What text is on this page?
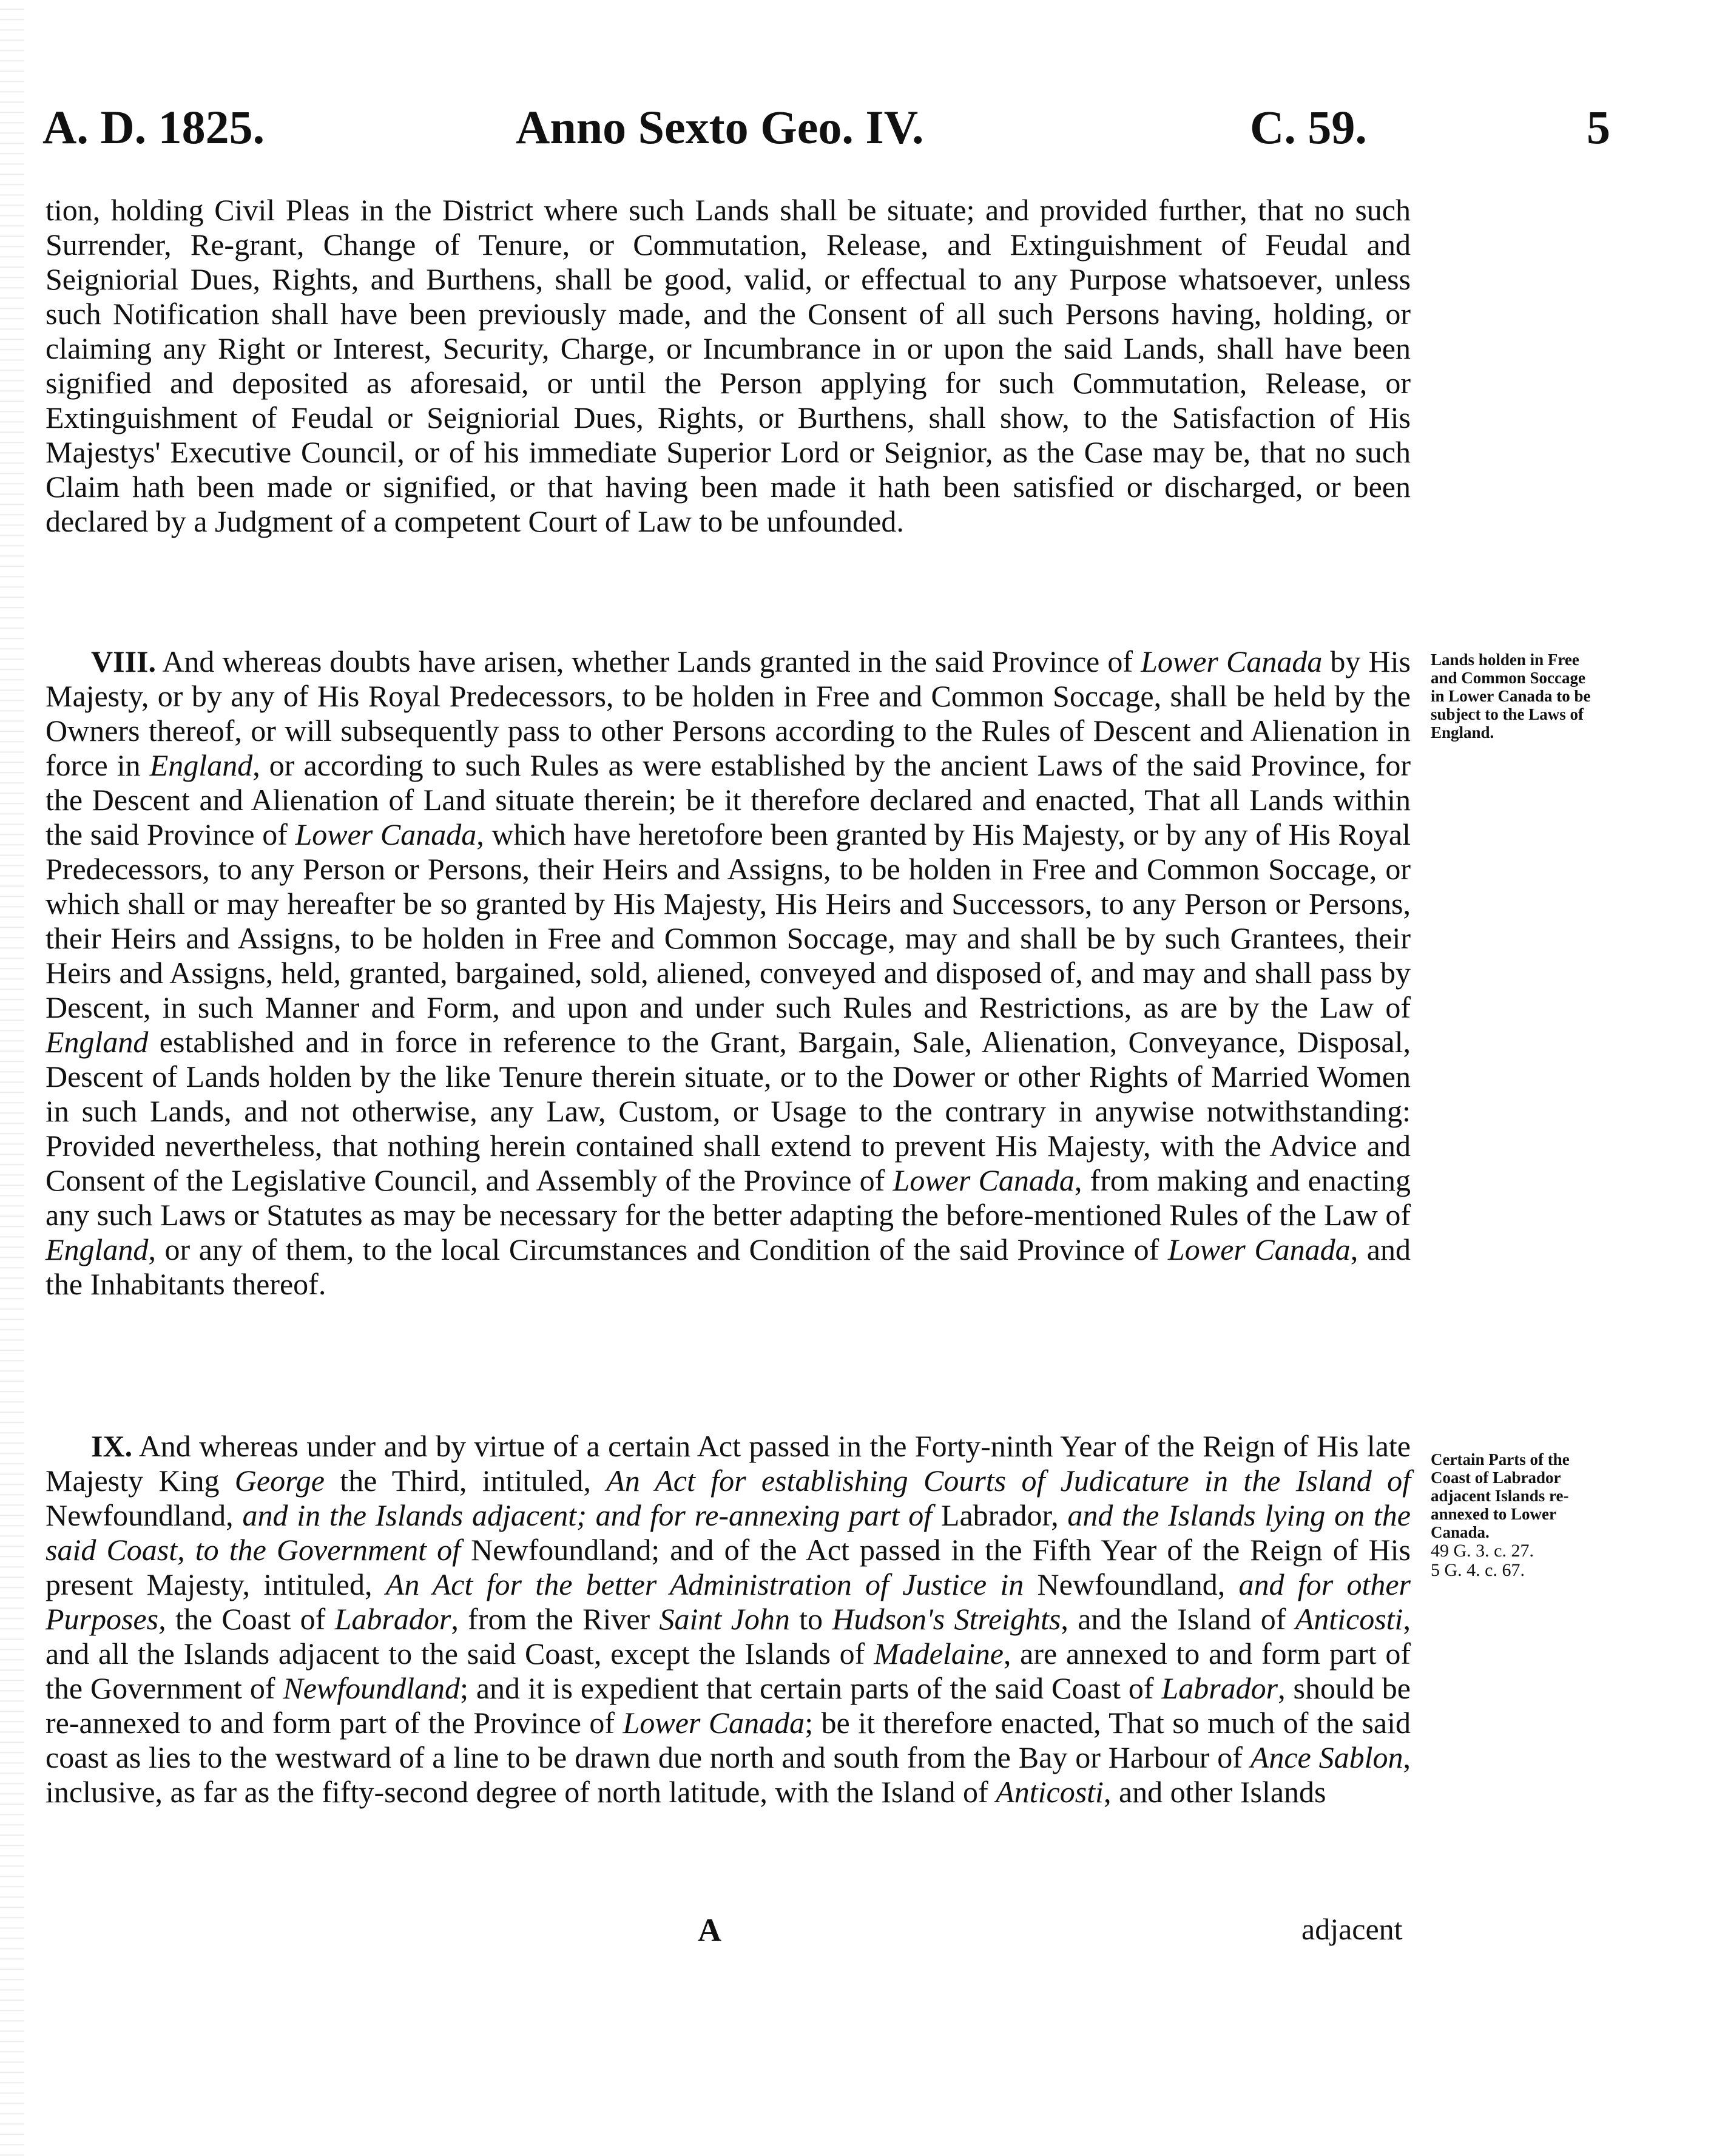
A. D. 1825.	Anno Sexto Geo. IV.	C. 59.	5

tion, holding Civil Pleas in the District where such Lands shall be situate; and provided further, that no such Surrender, Re-grant, Change of Tenure, or Commutation, Release, and Extinguishment of Feudal and Seigniorial Dues, Rights, and Burthens, shall be good, valid, or effectual to any Purpose whatsoever, unless such Notification shall have been previously made, and the Consent of all such Persons having, holding, or claiming any Right or Interest, Security, Charge, or Incumbrance in or upon the said Lands, shall have been signified and deposited as aforesaid, or until the Person applying for such Commutation, Release, or Extinguishment of Feudal or Seigniorial Dues, Rights, or Burthens, shall show, to the Satisfaction of His Majestys' Executive Council, or of his immediate Superior Lord or Seignior, as the Case may be, that no such Claim hath been made or signified, or that having been made it hath been satisfied or discharged, or been declared by a Judgment of a competent Court of Law to be unfounded.

VIII. And whereas doubts have arisen, whether Lands granted in the said Province of Lower Canada by His Majesty, or by any of His Royal Predecessors, to be holden in Free and Common Soccage, shall be held by the Owners thereof, or will subsequently pass to other Persons according to the Rules of Descent and Alienation in force in England, or according to such Rules as were established by the ancient Laws of the said Province, for the Descent and Alienation of Land situate therein; be it therefore declared and enacted, That all Lands within the said Province of Lower Canada, which have heretofore been granted by His Majesty, or by any of His Royal Predecessors, to any Person or Persons, their Heirs and Assigns, to be holden in Free and Common Soccage, or which shall or may hereafter be so granted by His Majesty, His Heirs and Successors, to any Person or Persons, their Heirs and Assigns, to be holden in Free and Common Soccage, may and shall be by such Grantees, their Heirs and Assigns, held, granted, bargained, sold, aliened, conveyed and disposed of, and may and shall pass by Descent, in such Manner and Form, and upon and under such Rules and Restrictions, as are by the Law of England established and in force in reference to the Grant, Bargain, Sale, Alienation, Conveyance, Disposal, Descent of Lands holden by the like Tenure therein situate, or to the Dower or other Rights of Married Women in such Lands, and not otherwise, any Law, Custom, or Usage to the contrary in anywise notwithstanding: Provided nevertheless, that nothing herein contained shall extend to prevent His Majesty, with the Advice and Consent of the Legislative Council, and Assembly of the Province of Lower Canada, from making and enacting any such Laws or Statutes as may be necessary for the better adapting the before-mentioned Rules of the Law of England, or any of them, to the local Circumstances and Condition of the said Province of Lower Canada, and the Inhabitants thereof.

Lands holden in Free and Common Soccage in Lower Canada to be subject to the Laws of England.

IX. And whereas under and by virtue of a certain Act passed in the Forty-ninth Year of the Reign of His late Majesty King George the Third, intituled, An Act for establishing Courts of Judicature in the Island of Newfoundland, and in the Islands adjacent; and for re-annexing part of Labrador, and the Islands lying on the said Coast, to the Government of Newfoundland; and of the Act passed in the Fifth Year of the Reign of His present Majesty, intituled, An Act for the better Administration of Justice in Newfoundland, and for other Purposes, the Coast of Labrador, from the River Saint John to Hudson's Streights, and the Island of Anticosti, and all the Islands adjacent to the said Coast, except the Islands of Madelaine, are annexed to and form part of the Government of Newfoundland; and it is expedient that certain parts of the said Coast of Labrador, should be re-annexed to and form part of the Province of Lower Canada; be it therefore enacted, That so much of the said coast as lies to the westward of a line to be drawn due north and south from the Bay or Harbour of Ance Sablon, inclusive, as far as the fifty-second degree of north latitude, with the Island of Anticosti, and other Islands

Certain Parts of the Coast of Labrador adjacent Islands re-annexed to Lower Canada.
49 G. 3. c. 27.
5 G. 4. c. 67.
A	adjacent
